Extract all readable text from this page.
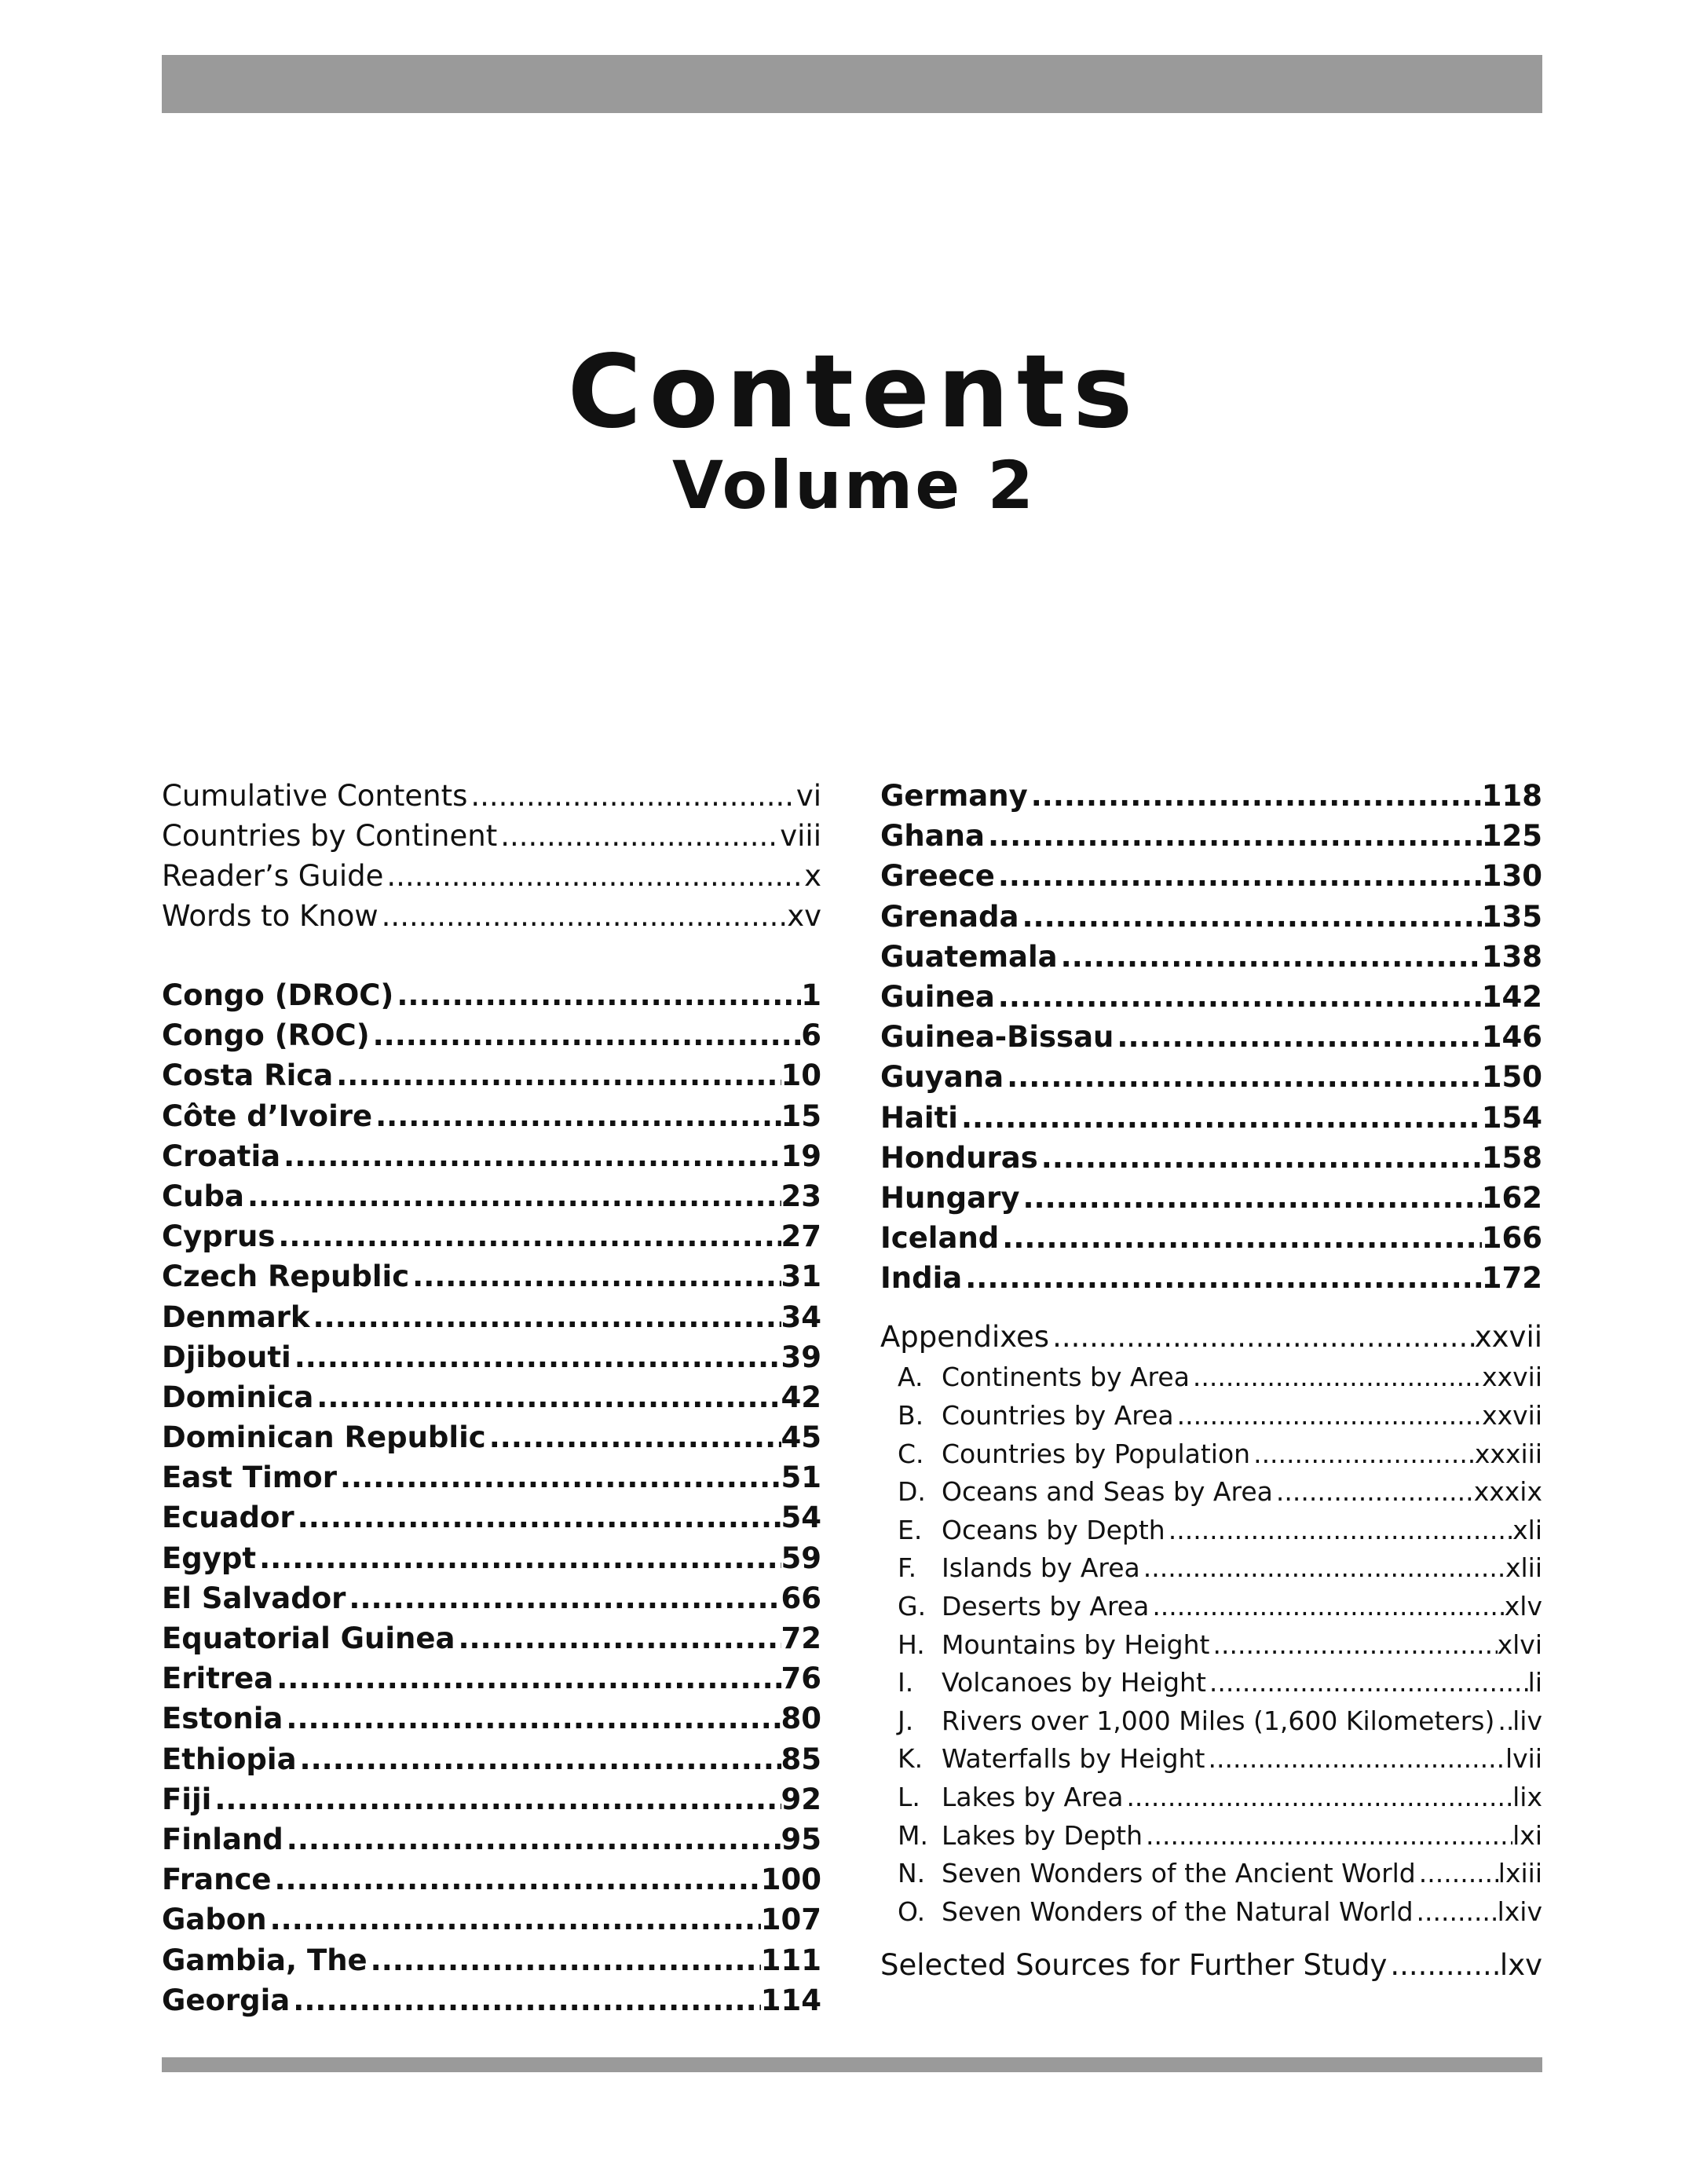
Contents
Volume 2
Cumulative Contents .....	vi
Countries by Continent .....	viii
Reader’s Guide .....	x
Words to Know .....	xv
Congo (DROC) .....	1
Congo (ROC) .....	6
Costa Rica .....	10
Côte d’Ivoire .....	15
Croatia .....	19
Cuba .....	23
Cyprus .....	27
Czech Republic .....	31
Denmark .....	34
Djibouti .....	39
Dominica .....	42
Dominican Republic .....	45
East Timor .....	51
Ecuador .....	54
Egypt .....	59
El Salvador .....	66
Equatorial Guinea .....	72
Eritrea .....	76
Estonia .....	80
Ethiopia .....	85
Fiji .....	92
Finland .....	95
France .....	100
Gabon .....	107
Gambia, The .....	111
Georgia .....	114
Germany .....	118
Ghana .....	125
Greece .....	130
Grenada .....	135
Guatemala .....	138
Guinea .....	142
Guinea-Bissau .....	146
Guyana .....	150
Haiti .....	154
Honduras .....	158
Hungary .....	162
Iceland .....	166
India .....	172
Appendixes .....	xxvii
A. Continents by Area .....	xxvii
B. Countries by Area .....	xxvii
C. Countries by Population .....	xxxiii
D. Oceans and Seas by Area .....	xxxix
E. Oceans by Depth .....	xli
F. Islands by Area .....	xlii
G. Deserts by Area .....	xlv
H. Mountains by Height .....	xlvi
I. Volcanoes by Height .....	li
J. Rivers over 1,000 Miles (1,600 Kilometers) ..... liv
K. Waterfalls by Height .....	lvii
L. Lakes by Area .....	lix
M. Lakes by Depth .....	lxi
N. Seven Wonders of the Ancient World .....	lxiii
O. Seven Wonders of the Natural World .....	lxiv
Selected Sources for Further Study .....	lxv
